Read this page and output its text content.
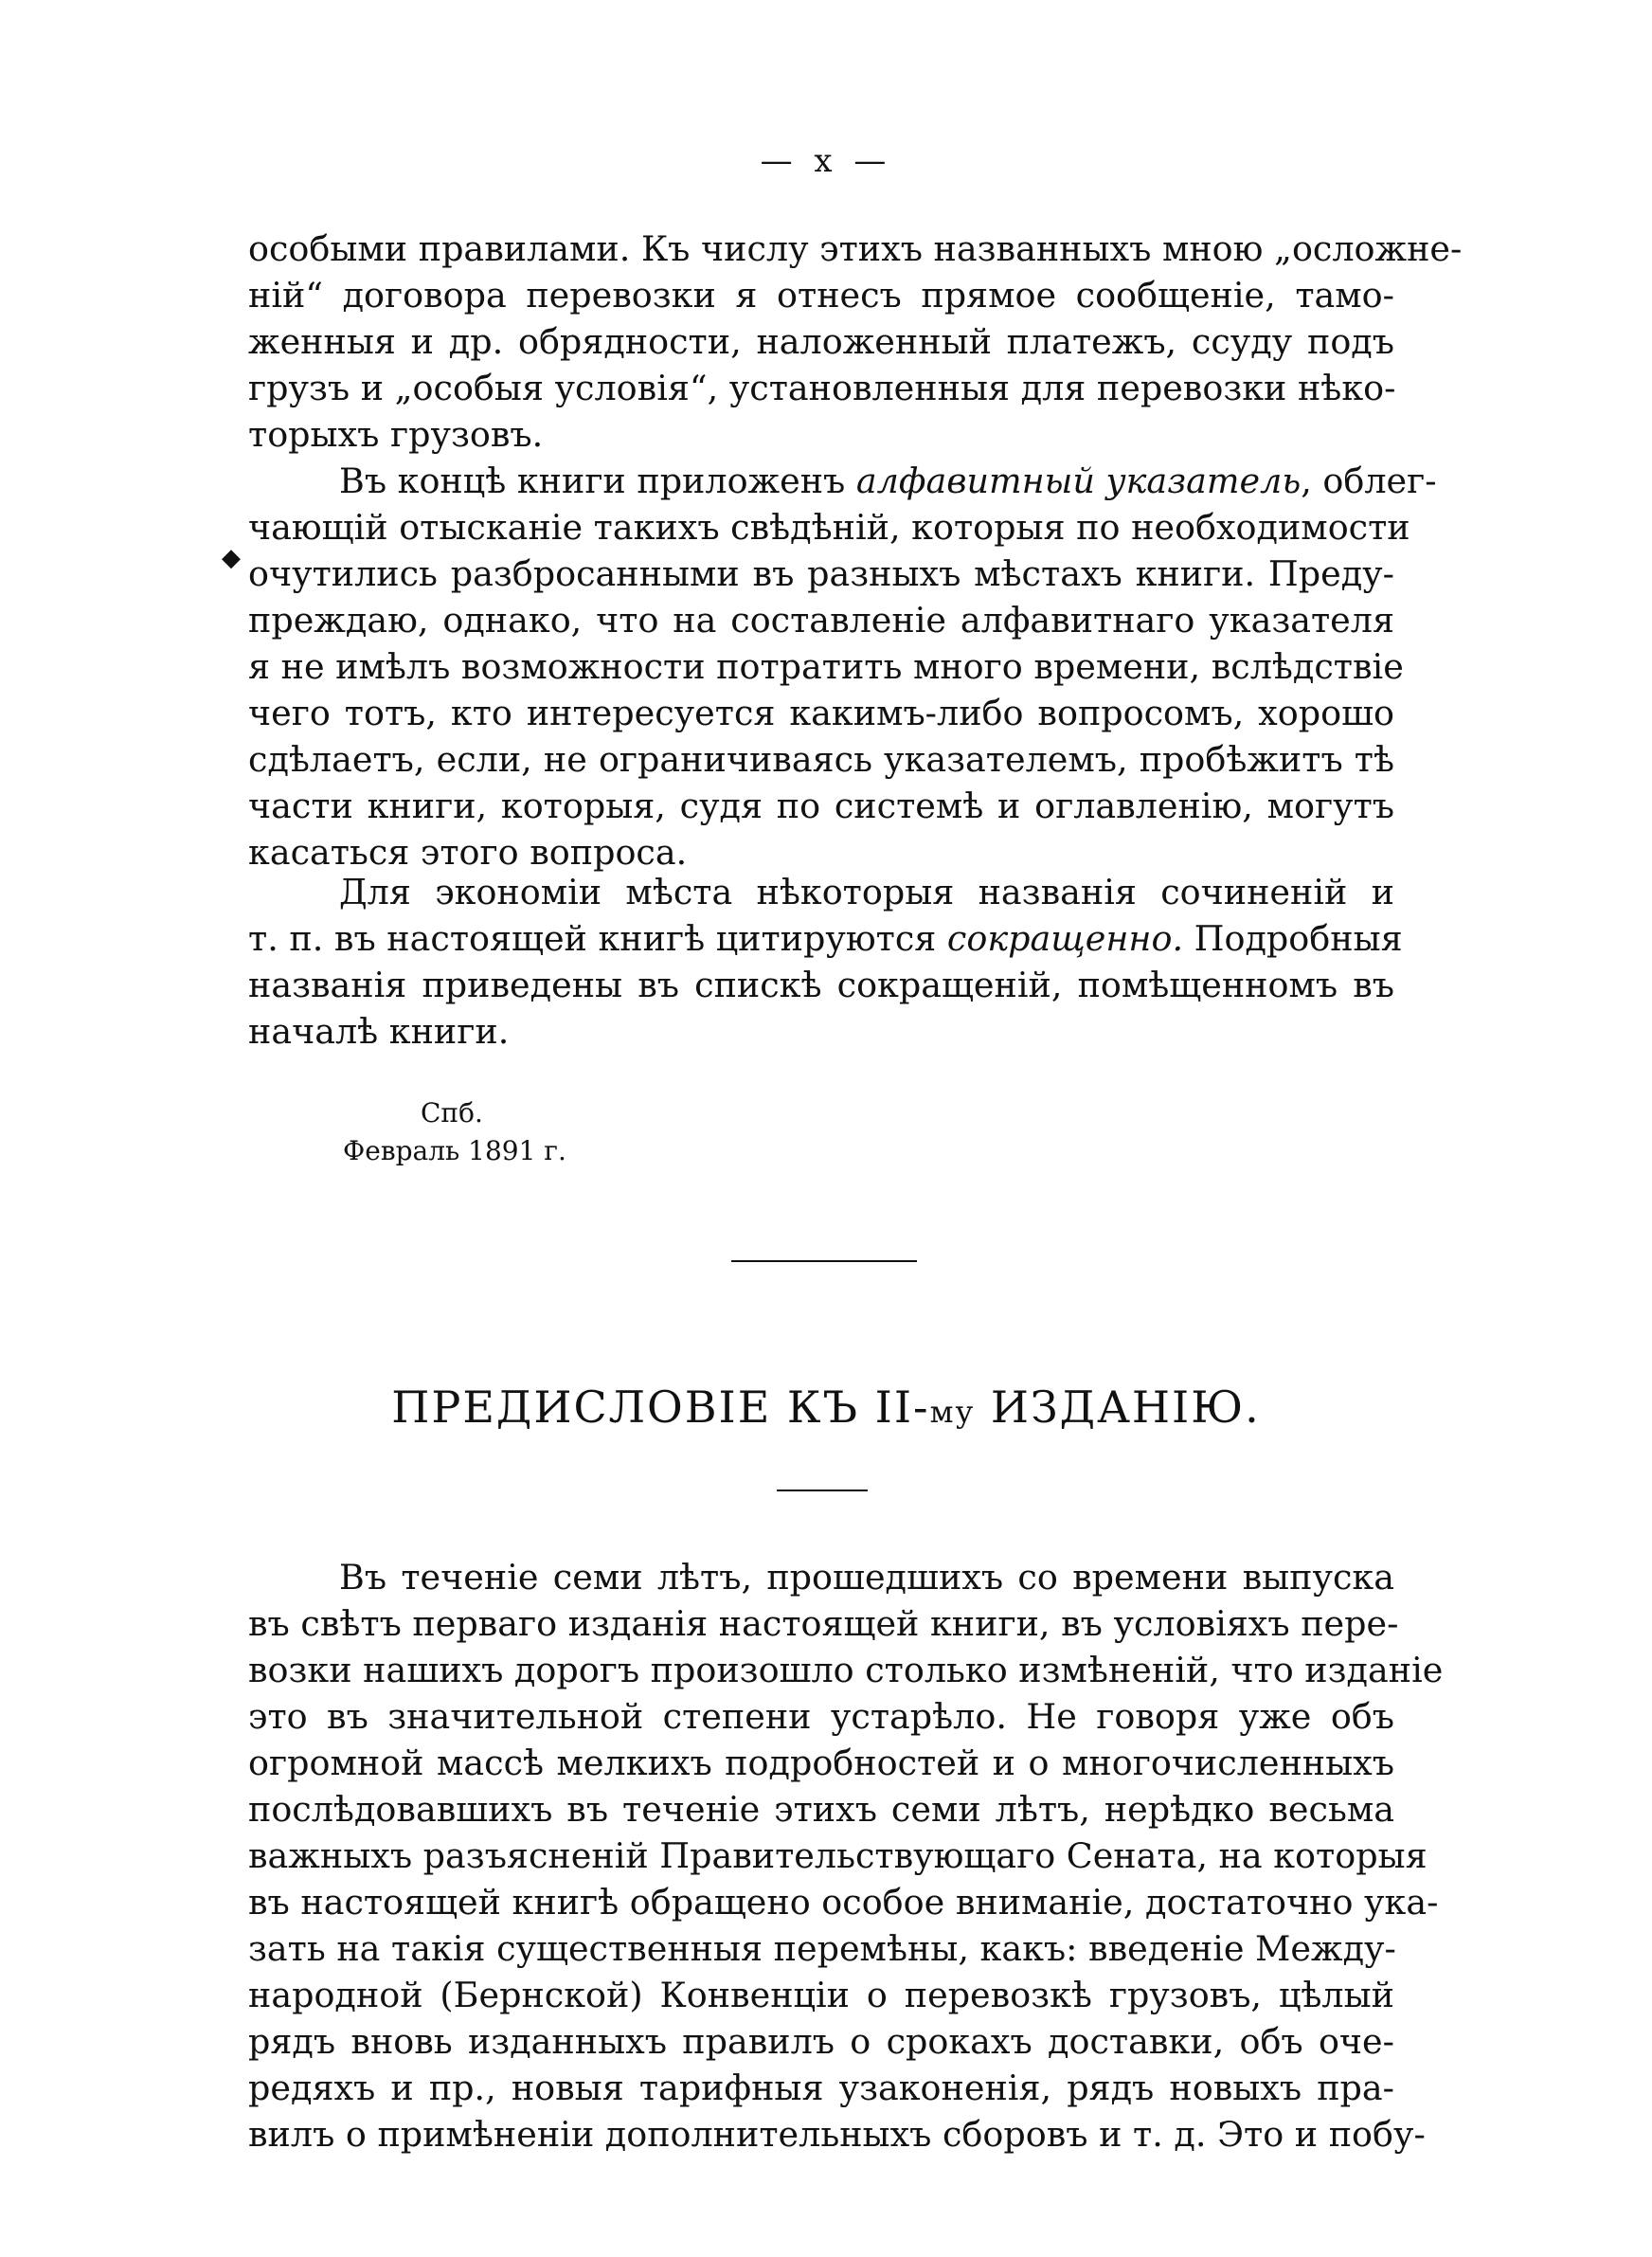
— x —
особыми правилами. Къ числу этихъ названныхъ мною „осложне-
ній“ договора перевозки я отнесъ прямое сообщеніе, тамо-
женныя и др. обрядности, наложенный платежъ, ссуду подъ
грузъ и „особыя условія“, установленныя для перевозки нѣко-
торыхъ грузовъ.
Въ концѣ книги приложенъ алфавитный указатель, облег-
чающій отысканіе такихъ свѣдѣній, которыя по необходимости
очутились разбросанными въ разныхъ мѣстахъ книги. Преду-
преждаю, однако, что на составленіе алфавитнаго указателя
я не имѣлъ возможности потратить много времени, вслѣдствіе
чего тотъ, кто интересуется какимъ-либо вопросомъ, хорошо
сдѣлаетъ, если, не ограничиваясь указателемъ, пробѣжитъ тѣ
части книги, которыя, судя по системѣ и оглавленію, могутъ
касаться этого вопроса.
◆
Для экономіи мѣста нѣкоторыя названія сочиненій и
т. п. въ настоящей книгѣ цитируются сокращенно. Подробныя
названія приведены въ спискѣ сокращеній, помѣщенномъ въ
началѣ книги.
Спб.
Февраль 1891 г.
ПРЕДИСЛОВІЕ КЪ II-му ИЗДАНІЮ.
Въ теченіе семи лѣтъ, прошедшихъ со времени выпуска
въ свѣтъ перваго изданія настоящей книги, въ условіяхъ пере-
возки нашихъ дорогъ произошло столько измѣненій, что изданіе
это въ значительной степени устарѣло. Не говоря уже объ
огромной массѣ мелкихъ подробностей и о многочисленныхъ
послѣдовавшихъ въ теченіе этихъ семи лѣтъ, нерѣдко весьма
важныхъ разъясненій Правительствующаго Сената, на которыя
въ настоящей книгѣ обращено особое вниманіе, достаточно ука-
зать на такія существенныя перемѣны, какъ: введеніе Между-
народной (Бернской) Конвенціи о перевозкѣ грузовъ, цѣлый
рядъ вновь изданныхъ правилъ о срокахъ доставки, объ оче-
редяхъ и пр., новыя тарифныя узаконенія, рядъ новыхъ пра-
вилъ о примѣненіи дополнительныхъ сборовъ и т. д. Это и побу-
